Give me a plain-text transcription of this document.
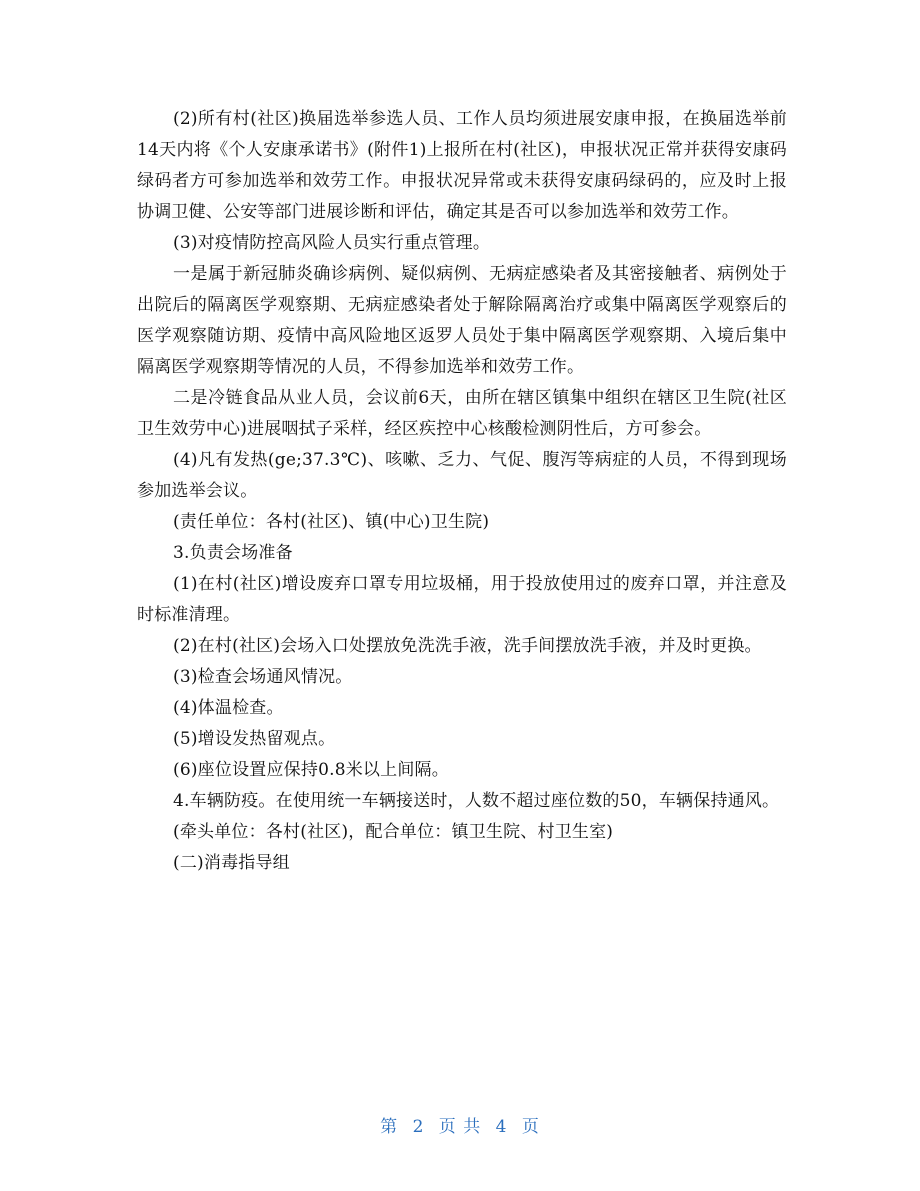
(2)所有村(社区)换届选举参选人员、工作人员均须进展安康申报，在换届选举前14天内将《个人安康承诺书》(附件1)上报所在村(社区)，申报状况正常并获得安康码绿码者方可参加选举和效劳工作。申报状况异常或未获得安康码绿码的，应及时上报协调卫健、公安等部门进展诊断和评估，确定其是否可以参加选举和效劳工作。

(3)对疫情防控高风险人员实行重点管理。

一是属于新冠肺炎确诊病例、疑似病例、无病症感染者及其密接触者、病例处于出院后的隔离医学观察期、无病症感染者处于解除隔离治疗或集中隔离医学观察后的医学观察随访期、疫情中高风险地区返罗人员处于集中隔离医学观察期、入境后集中隔离医学观察期等情况的人员，不得参加选举和效劳工作。

二是冷链食品从业人员，会议前6天，由所在辖区镇集中组织在辖区卫生院(社区卫生效劳中心)进展咽拭子采样，经区疾控中心核酸检测阴性后，方可参会。

(4)凡有发热(ge;37.3℃)、咳嗽、乏力、气促、腹泻等病症的人员，不得到现场参加选举会议。

(责任单位：各村(社区)、镇(中心)卫生院)

3.负责会场准备

(1)在村(社区)增设废弃口罩专用垃圾桶，用于投放使用过的废弃口罩，并注意及时标准清理。

(2)在村(社区)会场入口处摆放免洗洗手液，洗手间摆放洗手液，并及时更换。

(3)检查会场通风情况。

(4)体温检查。

(5)增设发热留观点。

(6)座位设置应保持0.8米以上间隔。

4.车辆防疫。在使用统一车辆接送时，人数不超过座位数的50，车辆保持通风。

(牵头单位：各村(社区)，配合单位：镇卫生院、村卫生室)

(二)消毒指导组

第 2 页 共 4 页
